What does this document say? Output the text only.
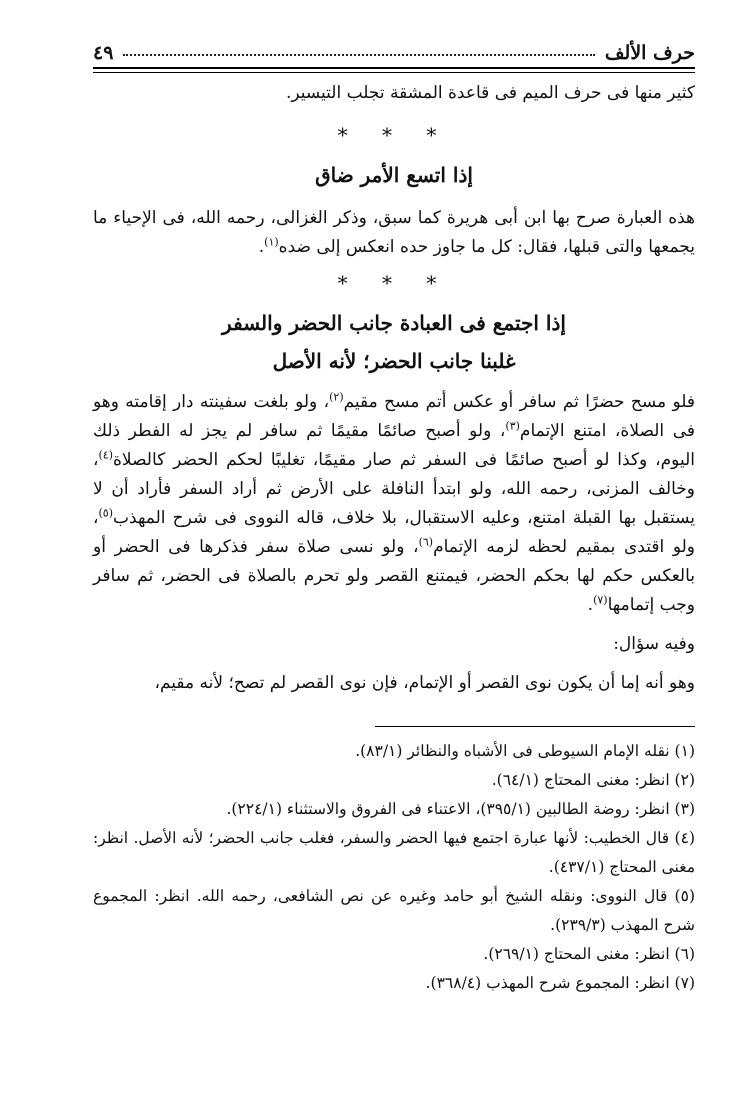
حرف الألف
٤٩

كثير منها فى حرف الميم فى قاعدة المشقة تجلب التيسير.

* * *

إذا اتسع الأمر ضاق

هذه العبارة صرح بها ابن أبى هريرة كما سبق، وذكر الغزالى، رحمه الله، فى الإحياء ما يجمعها والتى قبلها، فقال: كل ما جاوز حده انعكس إلى ضده$^{(١)}$.

* * *

إذا اجتمع فى العبادة جانب الحضر والسفر

غلبنا جانب الحضر؛ لأنه الأصل

فلو مسح حضرًا ثم سافر أو عكس أتم مسح مقيم$^{(٢)}$، ولو بلغت سفينته دار إقامته وهو فى الصلاة، امتنع الإتمام$^{(٣)}$، ولو أصبح صائمًا مقيمًا ثم سافر لم يجز له الفطر ذلك اليوم، وكذا لو أصبح صائمًا فى السفر ثم صار مقيمًا، تغليبًا لحكم الحضر كالصلاة$^{(٤)}$، وخالف المزنى، رحمه الله، ولو ابتدأ النافلة على الأرض ثم أراد السفر فأراد أن لا يستقبل بها القبلة امتنع، وعليه الاستقبال، بلا خلاف، قاله النووى فى شرح المهذب$^{(٥)}$، ولو اقتدى بمقيم لحظه لزمه الإتمام$^{(٦)}$، ولو نسى صلاة سفر فذكرها فى الحضر أو بالعكس حكم لها بحكم الحضر، فيمتنع القصر ولو تحرم بالصلاة فى الحضر، ثم سافر وجب إتمامها$^{(٧)}$.

وفيه سؤال:

وهو أنه إما أن يكون نوى القصر أو الإتمام، فإن نوى القصر لم تصح؛ لأنه مقيم،

(١) نقله الإمام السيوطى فى الأشباه والنظائر (٨٣/١).

(٢) انظر: مغنى المحتاج (٦٤/١).

(٣) انظر: روضة الطالبين (٣٩٥/١)، الاعتناء فى الفروق والاستثناء (٢٢٤/١).

(٤) قال الخطيب: لأنها عبارة اجتمع فيها الحضر والسفر، فغلب جانب الحضر؛ لأنه الأصل. انظر: مغنى المحتاج (٤٣٧/١).

(٥) قال النووى: ونقله الشيخ أبو حامد وغيره عن نص الشافعى، رحمه الله. انظر: المجموع شرح المهذب (٢٣٩/٣).

(٦) انظر: مغنى المحتاج (٢٦٩/١).

(٧) انظر: المجموع شرح المهذب (٣٦٨/٤).
